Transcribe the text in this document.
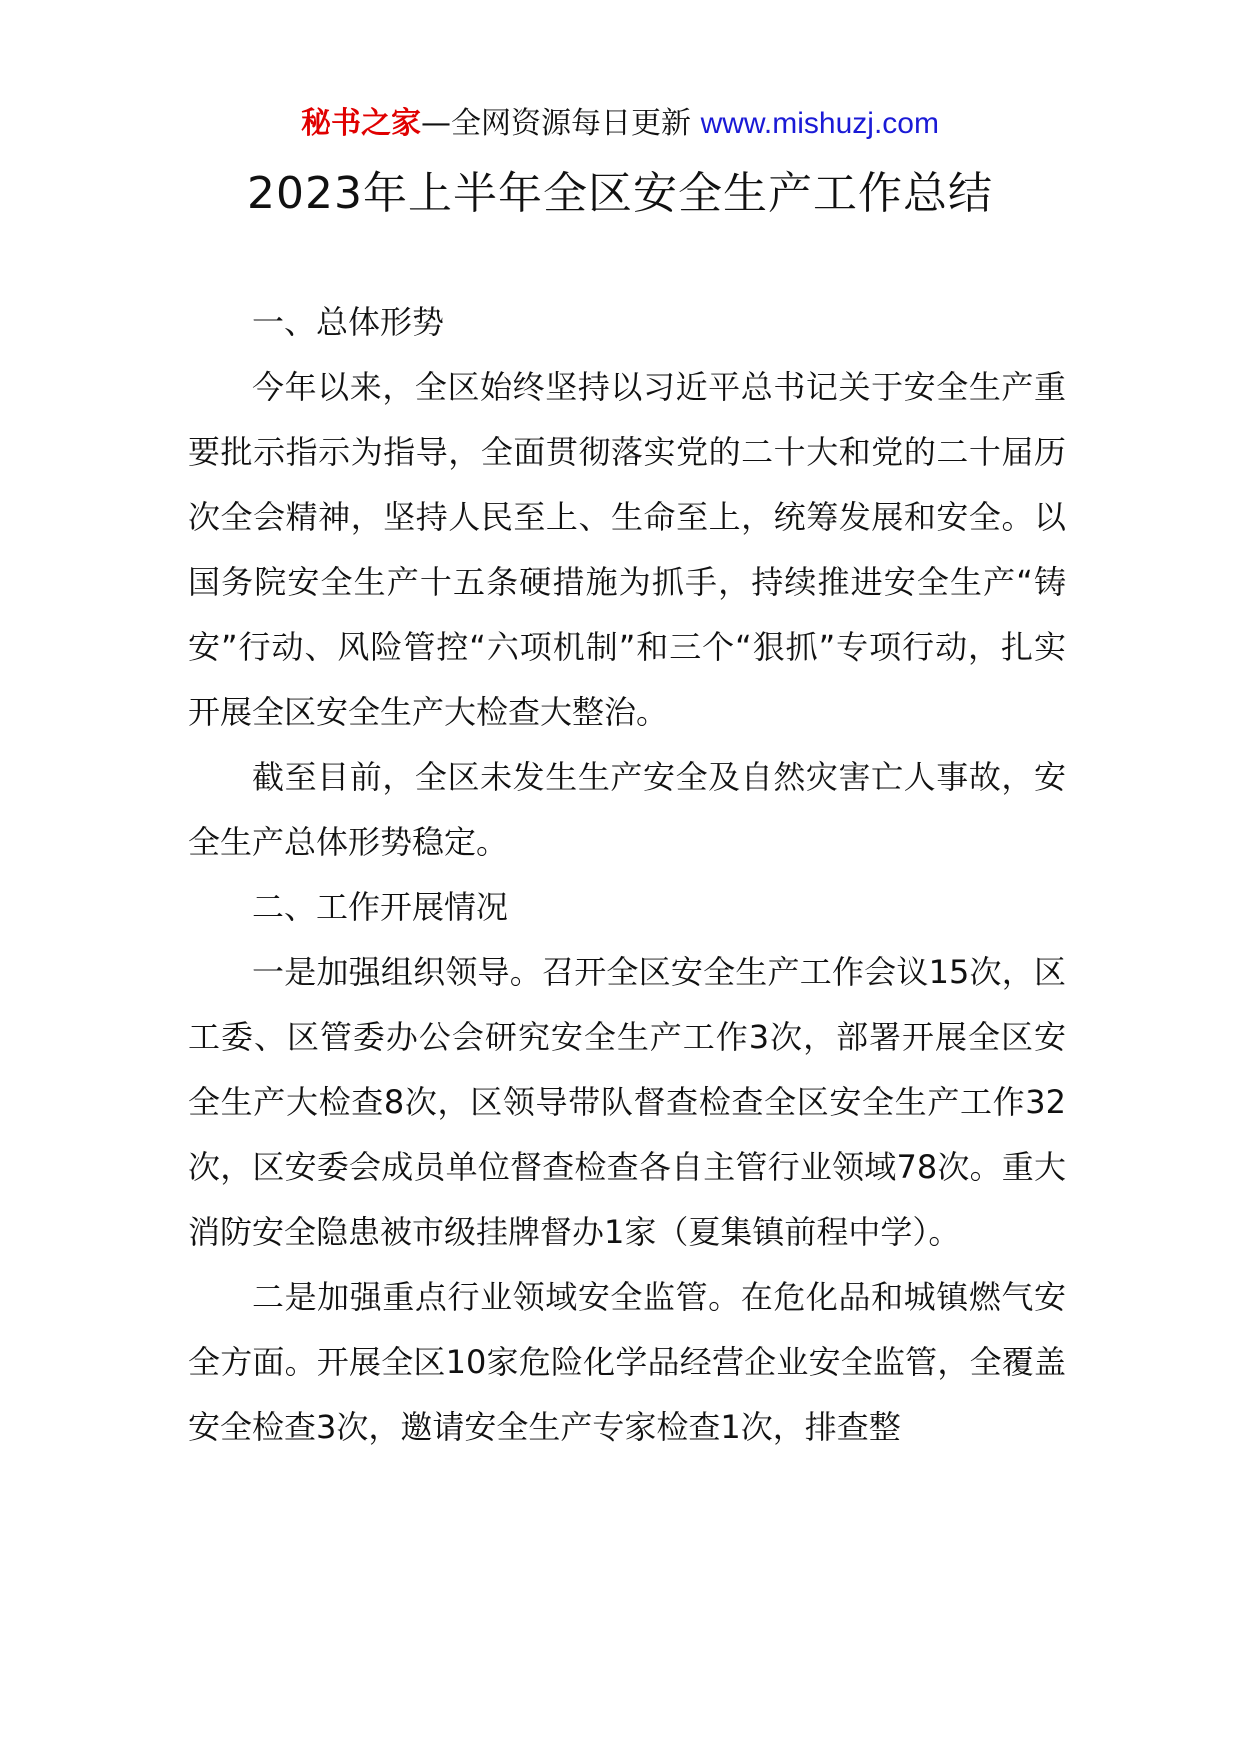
秘书之家—全网资源每日更新 www.mishuzj.com
2023年上半年全区安全生产工作总结

一、总体形势

今年以来，全区始终坚持以习近平总书记关于安全生产重要批示指示为指导，全面贯彻落实党的二十大和党的二十届历次全会精神，坚持人民至上、生命至上，统筹发展和安全。以国务院安全生产十五条硬措施为抓手，持续推进安全生产“铸安”行动、风险管控“六项机制”和三个“狠抓”专项行动，扎实开展全区安全生产大检查大整治。

截至目前，全区未发生生产安全及自然灾害亡人事故，安全生产总体形势稳定。

二、工作开展情况

一是加强组织领导。召开全区安全生产工作会议15次，区工委、区管委办公会研究安全生产工作3次，部署开展全区安全生产大检查8次，区领导带队督查检查全区安全生产工作32次，区安委会成员单位督查检查各自主管行业领域78次。重大消防安全隐患被市级挂牌督办1家（夏集镇前程中学）。

二是加强重点行业领域安全监管。在危化品和城镇燃气安全方面。开展全区10家危险化学品经营企业安全监管，全覆盖安全检查3次，邀请安全生产专家检查1次，排查整
